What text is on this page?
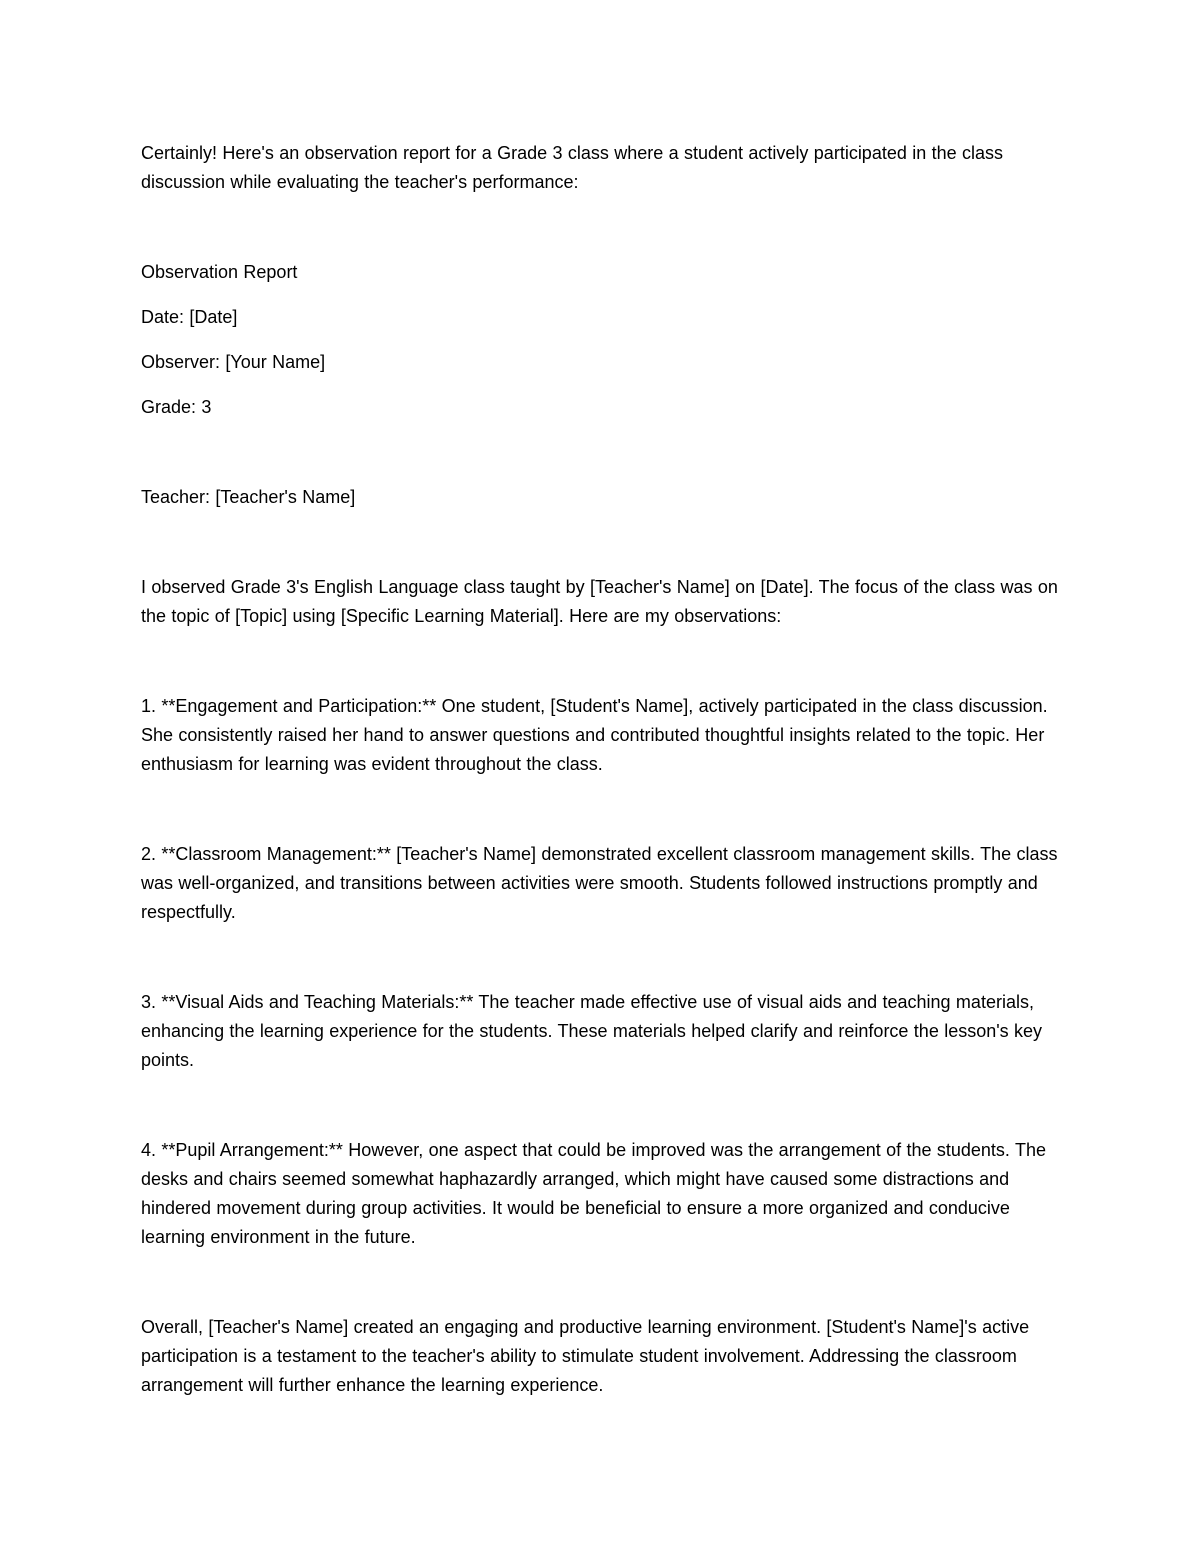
Certainly! Here's an observation report for a Grade 3 class where a student actively participated in the class discussion while evaluating the teacher's performance:

Observation Report

Date: [Date]

Observer: [Your Name]

Grade: 3

Teacher: [Teacher's Name]

I observed Grade 3's English Language class taught by [Teacher's Name] on [Date]. The focus of the class was on the topic of [Topic] using [Specific Learning Material]. Here are my observations:

1. **Engagement and Participation:** One student, [Student's Name], actively participated in the class discussion. She consistently raised her hand to answer questions and contributed thoughtful insights related to the topic. Her enthusiasm for learning was evident throughout the class.

2. **Classroom Management:** [Teacher's Name] demonstrated excellent classroom management skills. The class was well-organized, and transitions between activities were smooth. Students followed instructions promptly and respectfully.

3. **Visual Aids and Teaching Materials:** The teacher made effective use of visual aids and teaching materials, enhancing the learning experience for the students. These materials helped clarify and reinforce the lesson's key points.

4. **Pupil Arrangement:** However, one aspect that could be improved was the arrangement of the students. The desks and chairs seemed somewhat haphazardly arranged, which might have caused some distractions and hindered movement during group activities. It would be beneficial to ensure a more organized and conducive learning environment in the future.

Overall, [Teacher's Name] created an engaging and productive learning environment. [Student's Name]'s active participation is a testament to the teacher's ability to stimulate student involvement. Addressing the classroom arrangement will further enhance the learning experience.
